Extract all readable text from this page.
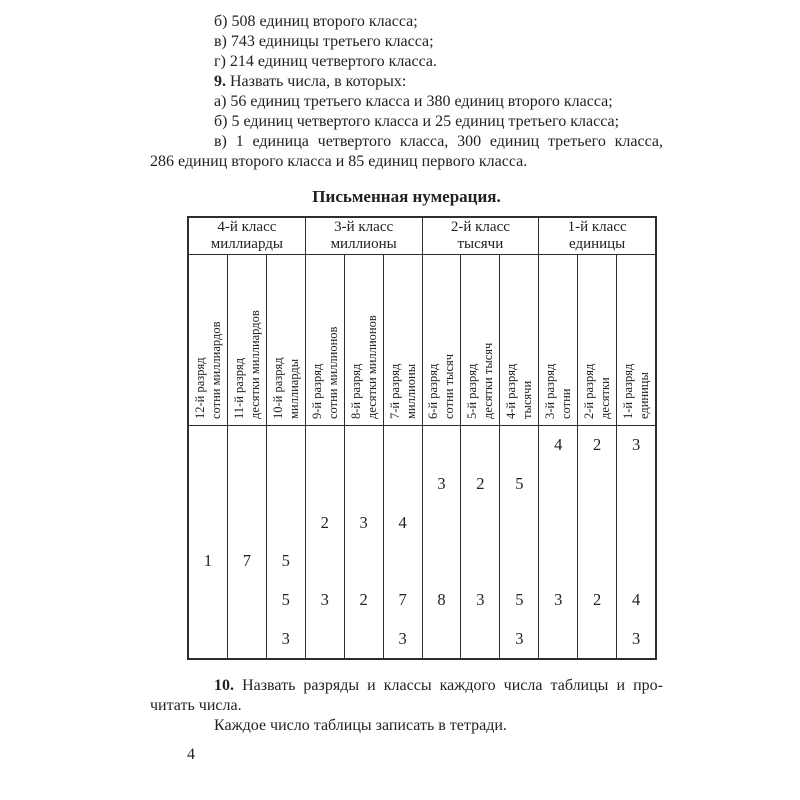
б) 508 единиц второго класса;
в) 743 единицы третьего класса;
г) 214 единиц четвертого класса.
9. Назвать числа, в которых:
а) 56 единиц третьего класса и 380 единиц второго класса;
б) 5 единиц четвертого класса и 25 единиц третьего класса;
в) 1 единица четвертого класса, 300 единиц третьего класса,
286 единиц второго класса и 85 единиц первого класса.
Письменная нумерация.
4-й класс
миллиарды
3-й класс
миллионы
2-й класс
тысячи
1-й класс
единицы
12-й разряд сотни миллиардов 11-й разряд десятки миллиардов 10-й разряд миллиарды 9-й разряд сотни миллионов 8-й разряд десятки миллионов 7-й разряд миллионы 6-й разряд сотни тысяч 5-й разряд десятки тысяч 4-й разряд тысячи 3-й разряд сотни 2-й разряд десятки 1-й разряд единицы
1	7	5
5
3
2
3
3
2
4
7
3
3
8
2
3
5
5
3
4
3
2
2
3
4
3
10. Назвать разряды и классы каждого числа таблицы и про-
читать числа.
Каждое число таблицы записать в тетради.
4
